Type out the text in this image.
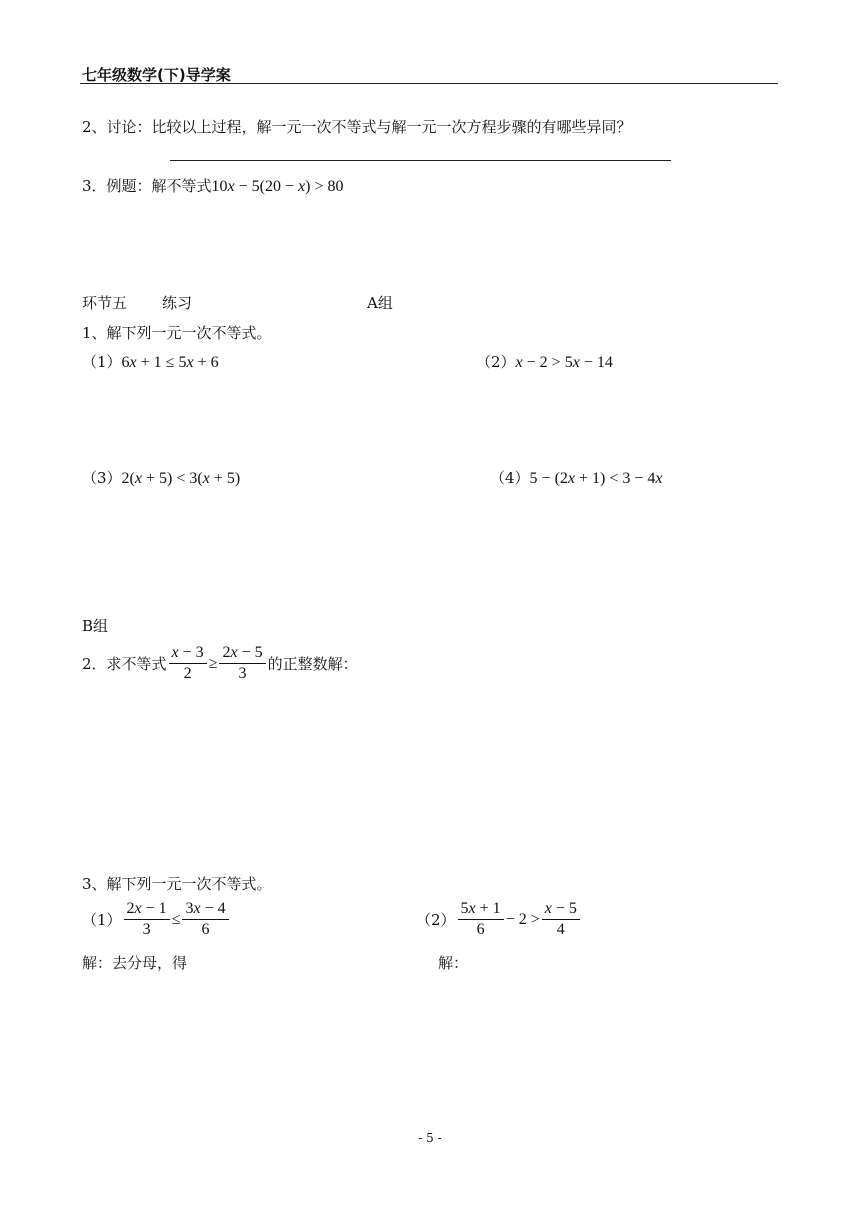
七年级数学(下)导学案
2、讨论：比较以上过程，解一元一次不等式与解一元一次方程步骤的有哪些异同？
3．例题：解不等式10x − 5(20 − x) > 80
环节五 练习	A组
1、解下列一元一次不等式。
（1）6x + 1 ≤ 5x + 6	（2）x − 2 > 5x − 14
（3）2(x + 5) < 3(x + 5)	（4）5 − (2x + 1) < 3 − 4x
B组
2．求不等式 $\frac{x - 3}{2} \ge \frac{2x - 5}{3}$ 的正整数解：
3、解下列一元一次不等式。
$(1) \frac{2x - 1}{3} \le \frac{3x - 4}{6}$	$(2) \frac{5x + 1}{6} - 2 > \frac{x - 5}{4}$
解：去分母，得	解：
- 5 -
